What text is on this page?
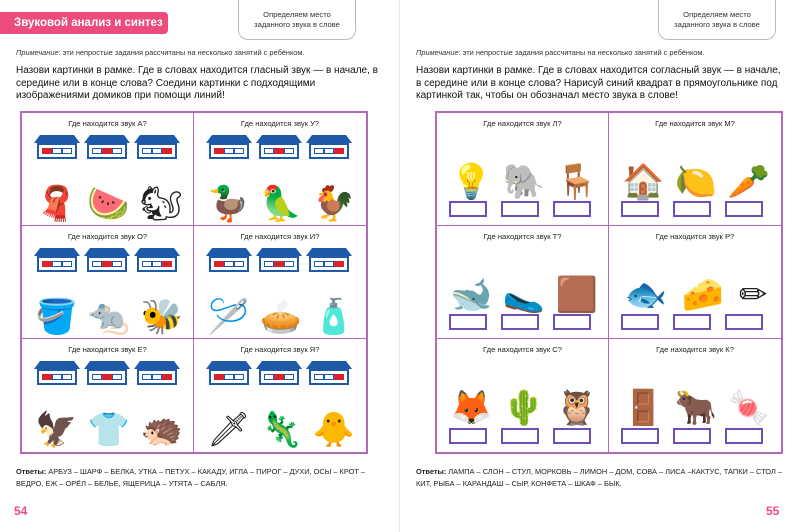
Звуковой анализ и синтез
Определяем место
заданного звука в слове
Примечание: эти непростые задания рассчитаны на несколько занятий с ребёнком.
Назови картинки в рамке. Где в словах находится гласный звук — в начале, в середине или в конце слова? Соедини картинки с подходящими изображениями домиков при помощи линий!
Где находится звук А?
🧣 🍉 🐿
Где находится звук У?
🦆 🦜 🐓
Где находится звук О?
🪣 🐀 🐝
Где находится звук И?
🪡 🥧 🧴
Где находится звук Е?
🦅 👕 🦔
Где находится звук Я?
🗡 🦎 🐥
Ответы: АРБУЗ – ШАРФ – БЕЛКА, УТКА – ПЕТУХ – КАКАДУ, ИГЛА – ПИРОГ – ДУХИ, ОСЫ – КРОТ – ВЕДРО, ЕЖ – ОРЁЛ – БЕЛЬЕ, ЯЩЕРИЦА – УТЯТА – САБЛЯ.
54
Определяем место
заданного звука в слове
Примечание: эти непростые задания рассчитаны на несколько занятий с ребёнком.
Назови картинки в рамке. Где в словах находится согласный звук — в начале, в середине или в конце слова? Нарисуй синий квадрат в прямоугольнике под картинкой так, чтобы он обозначал место звука в слове!
Где находится звук Л?
💡 🐘 🪑
Где находится звук М?
🏠 🍋 🥕
Где находится звук Т?
🐋 🥿 🟫
Где находится звук Р?
🐟 🧀 ✏
Где находится звук С?
🦊 🌵 🦉
Где находится звук К?
🚪 🐂 🍬
Ответы: ЛАМПА – СЛОН – СТУЛ, МОРКОВЬ – ЛИМОН – ДОМ, СОВА – ЛИСА –КАКТУС, ТАПКИ – СТОЛ – КИТ, РЫБА – КАРАНДАШ – СЫР, КОНФЕТА – ШКАФ – БЫК.
55
